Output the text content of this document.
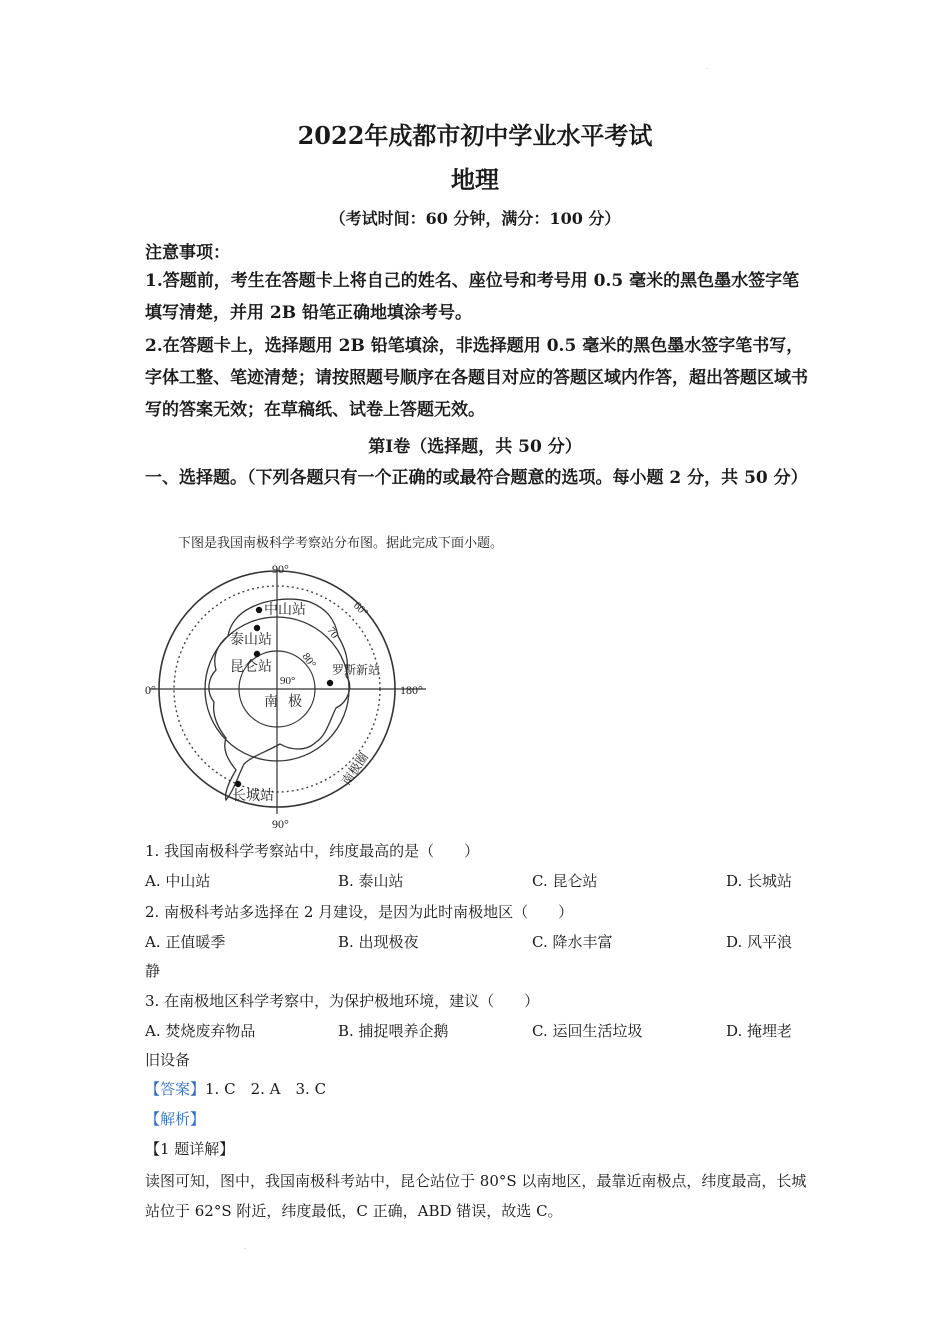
2022年成都市初中学业水平考试
地理
（考试时间：60 分钟，满分：100 分）
注意事项：
1.答题前，考生在答题卡上将自己的姓名、座位号和考号用 0.5 毫米的黑色墨水签字笔填写清楚，并用 2B 铅笔正确地填涂考号。
2.在答题卡上，选择题用 2B 铅笔填涂，非选择题用 0.5 毫米的黑色墨水签字笔书写，字体工整、笔迹清楚；请按照题号顺序在各题目对应的答题区域内作答，超出答题区域书写的答案无效；在草稿纸、试卷上答题无效。
第Ⅰ卷（选择题，共 50 分）
一、选择题。（下列各题只有一个正确的或最符合题意的选项。每小题 2 分，共 50 分）
下图是我国南极科学考察站分布图。据此完成下面小题。
90°
90°
0°	180°
60°
70
80°
90°
中山站
泰山站
昆仑站	罗斯新站
长城站
南 极
南极圈
1. 我国南极科学考察站中，纬度最高的是（　　）
A. 中山站	B. 泰山站	C. 昆仑站	D. 长城站
2. 南极科考站多选择在 2 月建设，是因为此时南极地区（　　）
A. 正值暖季	B. 出现极夜	C. 降水丰富	D. 风平浪
静
3. 在南极地区科学考察中，为保护极地环境，建议（　　）
A. 焚烧废弃物品	B. 捕捉喂养企鹅	C. 运回生活垃圾	D. 掩埋老
旧设备
【答案】1. C　2. A　3. C
【解析】
【1 题详解】
读图可知，图中，我国南极科考站中，昆仑站位于 80°S 以南地区，最靠近南极点，纬度最高，长城站位于 62°S 附近，纬度最低，C 正确，ABD 错误，故选 C。
·
·
